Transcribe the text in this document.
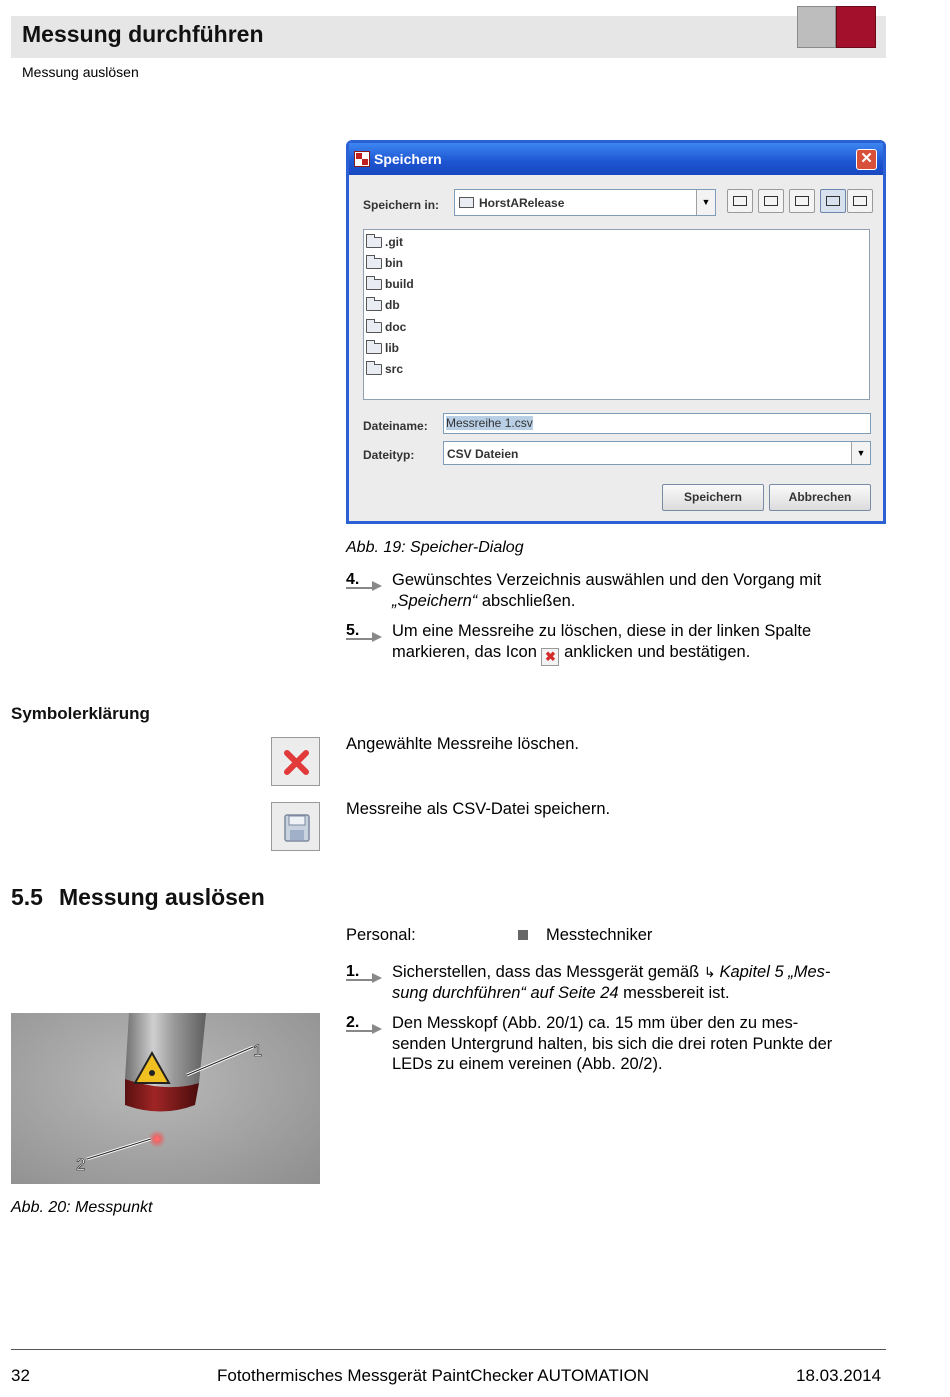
Messung durchführen
Messung auslösen
Speichern	✕
Speichern in:	HorstARelease	▼
.git
bin
build
db
doc
lib
src
Dateiname: Messreihe 1.csv
Dateityp:	CSV Dateien	▼
Speichern	Abbrechen
Abb. 19: Speicher-Dialog
4. Gewünschtes Verzeichnis auswählen und den Vorgang mit
„Speichern“ abschließen.
5. Um eine Messreihe zu löschen, diese in der linken Spalte
markieren, das Icon ✖ anklicken und bestätigen.
Symbolerklärung
Angewählte Messreihe löschen.
Messreihe als CSV-Datei speichern.
5.5 Messung auslösen
Personal:	Messtechniker
1. Sicherstellen, dass das Messgerät gemäß ↳ Kapitel 5 „Mes-
sung durchführen“ auf Seite 24 messbereit ist.
2. Den Messkopf (Abb. 20/1) ca. 15 mm über den zu mes-
senden Untergrund halten, bis sich die drei roten Punkte der
LEDs zu einem vereinen (Abb. 20/2).
1
2
Abb. 20: Messpunkt
32	Fotothermisches Messgerät PaintChecker AUTOMATION	18.03.2014
